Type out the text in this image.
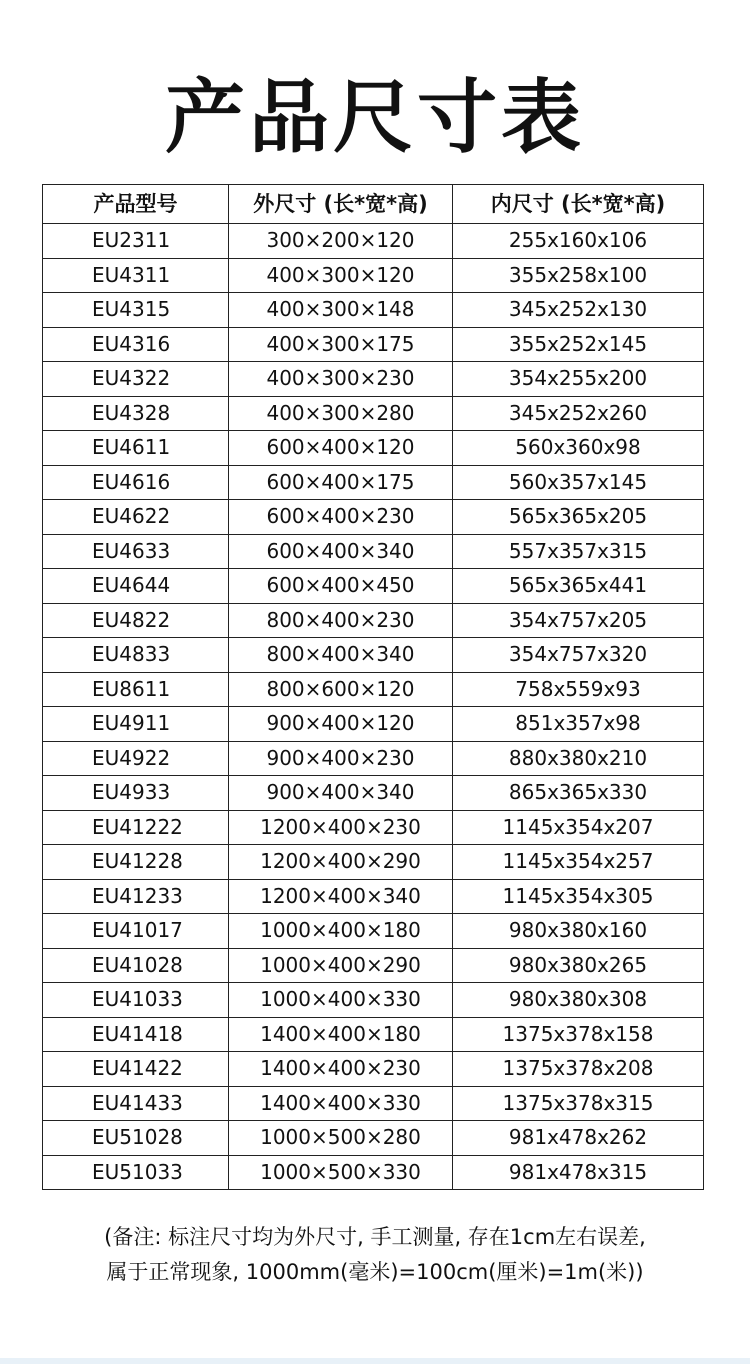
产品尺寸表
产品型号	外尺寸 (长*宽*高)	内尺寸 (长*宽*高)
EU2311	300×200×120	255x160x106
EU4311	400×300×120	355x258x100
EU4315	400×300×148	345x252x130
EU4316	400×300×175	355x252x145
EU4322	400×300×230	354x255x200
EU4328	400×300×280	345x252x260
EU4611	600×400×120	560x360x98
EU4616	600×400×175	560x357x145
EU4622	600×400×230	565x365x205
EU4633	600×400×340	557x357x315
EU4644	600×400×450	565x365x441
EU4822	800×400×230	354x757x205
EU4833	800×400×340	354x757x320
EU8611	800×600×120	758x559x93
EU4911	900×400×120	851x357x98
EU4922	900×400×230	880x380x210
EU4933	900×400×340	865x365x330
EU41222	1200×400×230	1145x354x207
EU41228	1200×400×290	1145x354x257
EU41233	1200×400×340	1145x354x305
EU41017	1000×400×180	980x380x160
EU41028	1000×400×290	980x380x265
EU41033	1000×400×330	980x380x308
EU41418	1400×400×180	1375x378x158
EU41422	1400×400×230	1375x378x208
EU41433	1400×400×330	1375x378x315
EU51028	1000×500×280	981x478x262
EU51033	1000×500×330	981x478x315
(备注: 标注尺寸均为外尺寸, 手工测量, 存在1cm左右误差,
属于正常现象, 1000mm(毫米)=100cm(厘米)=1m(米))
